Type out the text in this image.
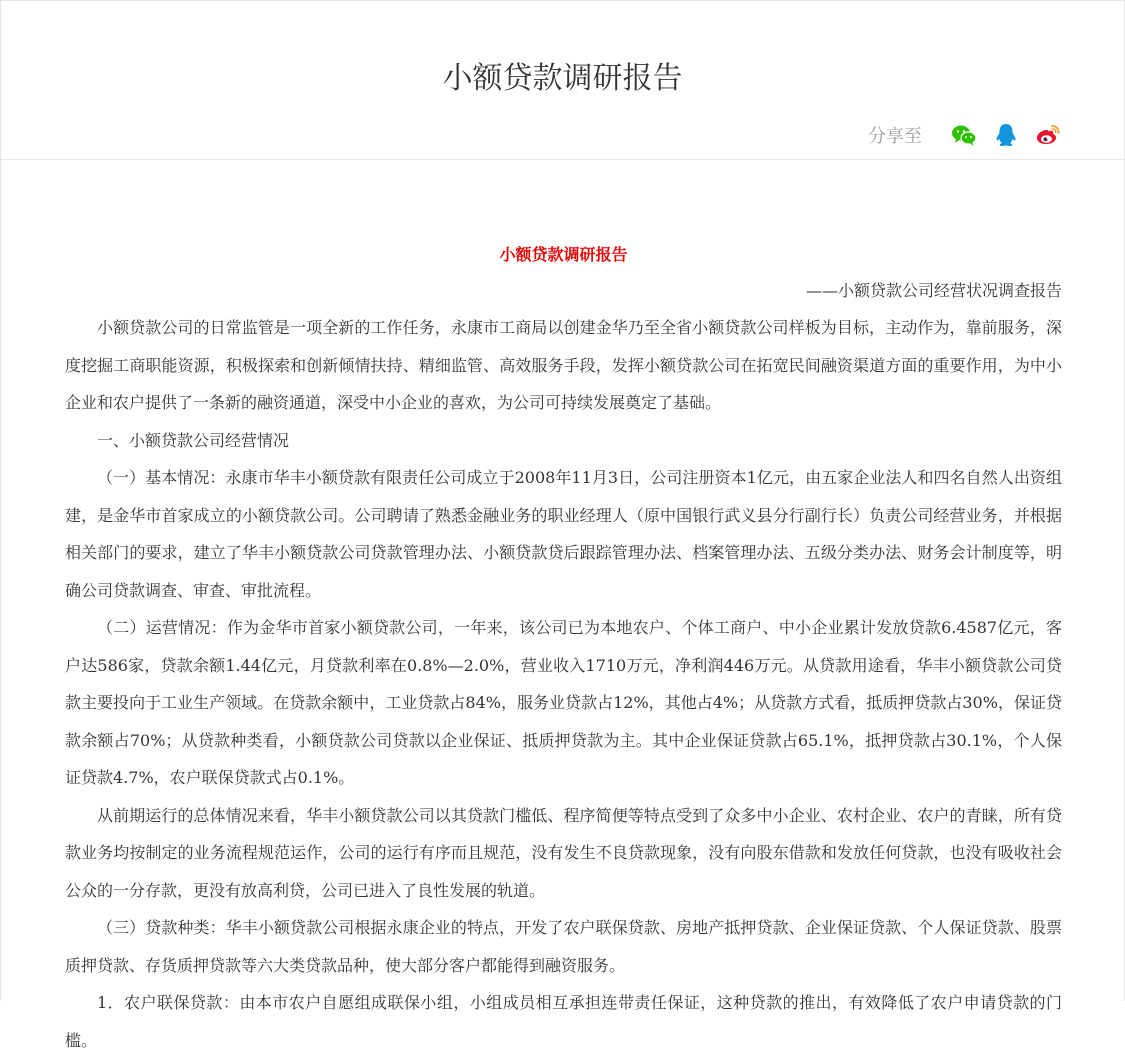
小额贷款调研报告
分享至
小额贷款调研报告
——小额贷款公司经营状况调查报告

小额贷款公司的日常监管是一项全新的工作任务，永康市工商局以创建金华乃至全省小额贷款公司样板为目标，主动作为，靠前服务，深度挖掘工商职能资源，积极探索和创新倾情扶持、精细监管、高效服务手段，发挥小额贷款公司在拓宽民间融资渠道方面的重要作用，为中小企业和农户提供了一条新的融资通道，深受中小企业的喜欢，为公司可持续发展奠定了基础。

一、小额贷款公司经营情况

（一）基本情况：永康市华丰小额贷款有限责任公司成立于2008年11月3日，公司注册资本1亿元，由五家企业法人和四名自然人出资组建，是金华市首家成立的小额贷款公司。公司聘请了熟悉金融业务的职业经理人（原中国银行武义县分行副行长）负责公司经营业务，并根据相关部门的要求，建立了华丰小额贷款公司贷款管理办法、小额贷款贷后跟踪管理办法、档案管理办法、五级分类办法、财务会计制度等，明确公司贷款调查、审查、审批流程。

（二）运营情况：作为金华市首家小额贷款公司，一年来，该公司已为本地农户、个体工商户、中小企业累计发放贷款6.4587亿元，客户达586家，贷款余额1.44亿元，月贷款利率在0.8%—2.0%，营业收入1710万元，净利润446万元。从贷款用途看，华丰小额贷款公司贷款主要投向于工业生产领域。在贷款余额中，工业贷款占84%，服务业贷款占12%，其他占4%；从贷款方式看，抵质押贷款占30%，保证贷款余额占70%；从贷款种类看，小额贷款公司贷款以企业保证、抵质押贷款为主。其中企业保证贷款占65.1%，抵押贷款占30.1%，个人保证贷款4.7%，农户联保贷款式占0.1%。

从前期运行的总体情况来看，华丰小额贷款公司以其贷款门槛低、程序简便等特点受到了众多中小企业、农村企业、农户的青睐，所有贷款业务均按制定的业务流程规范运作，公司的运行有序而且规范，没有发生不良贷款现象，没有向股东借款和发放任何贷款，也没有吸收社会公众的一分存款，更没有放高利贷，公司已进入了良性发展的轨道。

（三）贷款种类：华丰小额贷款公司根据永康企业的特点，开发了农户联保贷款、房地产抵押贷款、企业保证贷款、个人保证贷款、股票质押贷款、存货质押贷款等六大类贷款品种，使大部分客户都能得到融资服务。

1．农户联保贷款：由本市农户自愿组成联保小组，小组成员相互承担连带责任保证，这种贷款的推出，有效降低了农户申请贷款的门槛。
